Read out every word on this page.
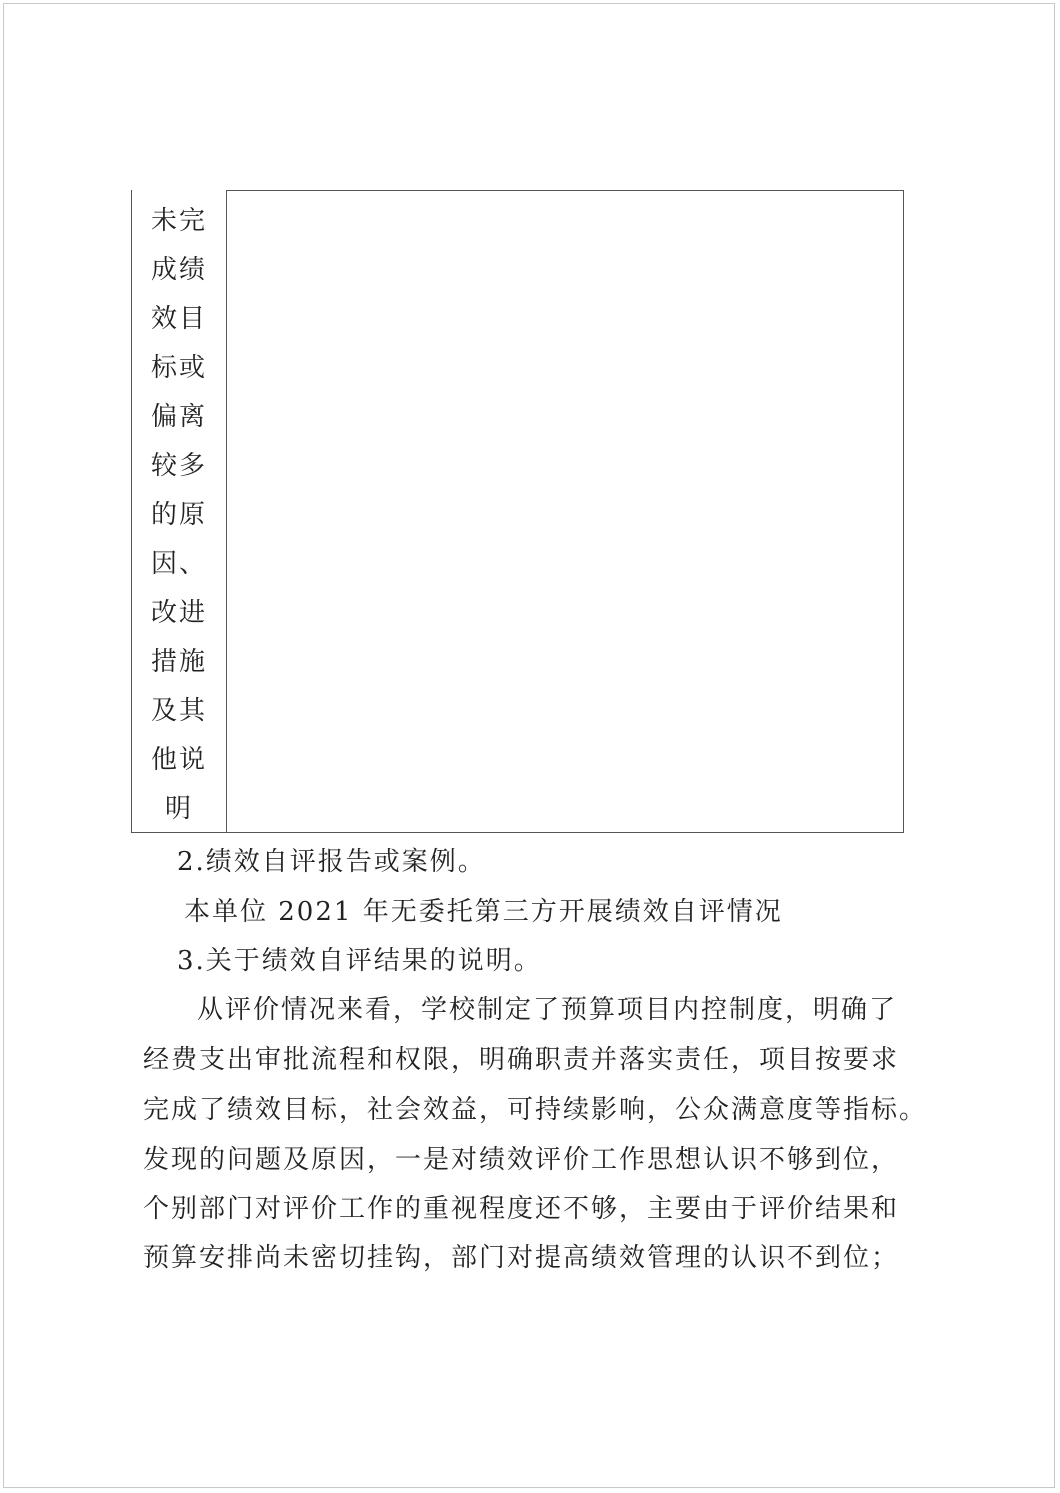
未完
成绩
效目
标或
偏离
较多
的原
因、
改进
措施
及其
他说
明
2.绩效自评报告或案例。
本单位 2021 年无委托第三方开展绩效自评情况
3.关于绩效自评结果的说明。
从评价情况来看，学校制定了预算项目内控制度，明确了
经费支出审批流程和权限，明确职责并落实责任，项目按要求
完成了绩效目标，社会效益，可持续影响，公众满意度等指标。
发现的问题及原因，一是对绩效评价工作思想认识不够到位，
个别部门对评价工作的重视程度还不够，主要由于评价结果和
预算安排尚未密切挂钩，部门对提高绩效管理的认识不到位；
